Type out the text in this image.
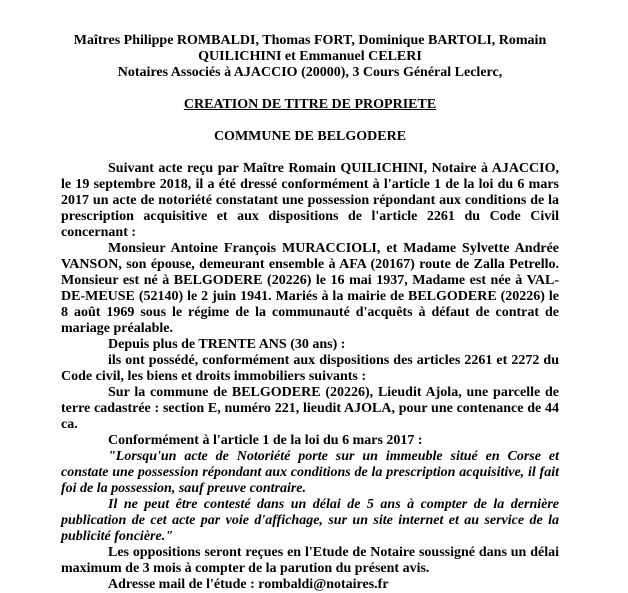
Maîtres Philippe ROMBALDI, Thomas FORT, Dominique BARTOLI, Romain
QUILICHINI et Emmanuel CELERI
Notaires Associés à AJACCIO (20000), 3 Cours Général Leclerc,
CREATION DE TITRE DE PROPRIETE
COMMUNE DE BELGODERE
Suivant acte reçu par Maître Romain QUILICHINI, Notaire à AJACCIO, le 19 septembre 2018, il a été dressé conformément à l'article 1 de la loi du 6 mars 2017 un acte de notoriété constatant une possession répondant aux conditions de la prescription acquisitive et aux dispositions de l'article 2261 du Code Civil concernant :
Monsieur Antoine François MURACCIOLI, et Madame Sylvette Andrée VANSON, son épouse, demeurant ensemble à AFA (20167) route de Zalla Petrello. Monsieur est né à BELGODERE (20226) le 16 mai 1937, Madame est née à VAL-DE-MEUSE (52140) le 2 juin 1941. Mariés à la mairie de BELGODERE (20226) le 8 août 1969 sous le régime de la communauté d'acquêts à défaut de contrat de mariage préalable.
Depuis plus de TRENTE ANS (30 ans) :
ils ont possédé, conformément aux dispositions des articles 2261 et 2272 du Code civil, les biens et droits immobiliers suivants :
Sur la commune de BELGODERE (20226), Lieudit Ajola, une parcelle de terre cadastrée : section E, numéro 221, lieudit AJOLA, pour une contenance de 44 ca.
Conformément à l'article 1 de la loi du 6 mars 2017 :
"Lorsqu'un acte de Notoriété porte sur un immeuble situé en Corse et constate une possession répondant aux conditions de la prescription acquisitive, il fait foi de la possession, sauf preuve contraire.
Il ne peut être contesté dans un délai de 5 ans à compter de la dernière publication de cet acte par voie d'affichage, sur un site internet et au service de la publicité foncière."
Les oppositions seront reçues en l'Etude de Notaire soussigné dans un délai maximum de 3 mois à compter de la parution du présent avis.
Adresse mail de l'étude : rombaldi@notaires.fr
